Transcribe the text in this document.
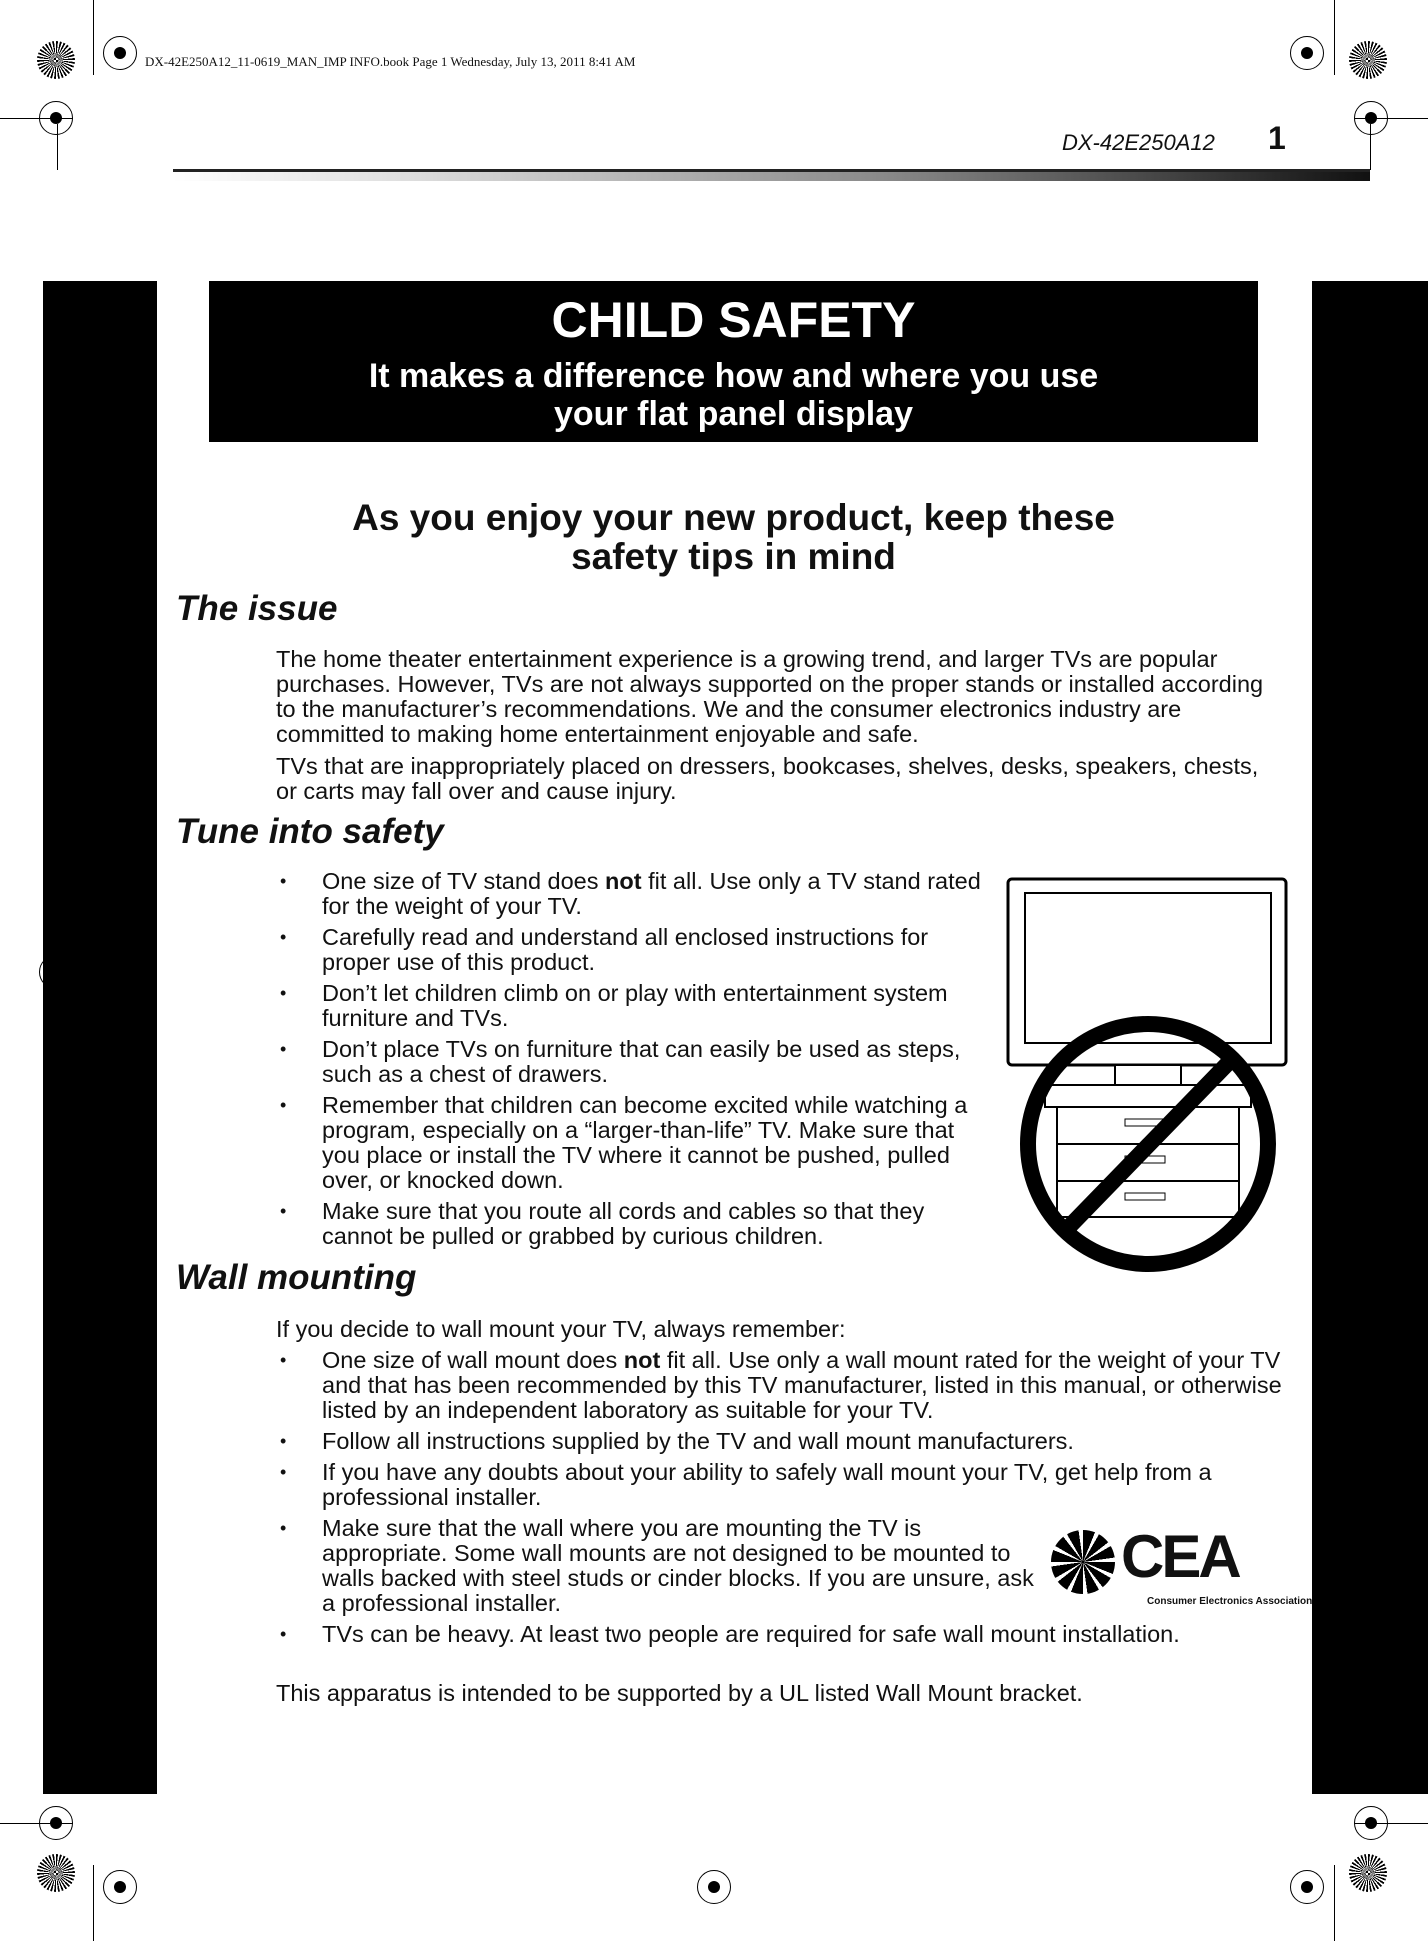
DX-42E250A12_11-0619_MAN_IMP INFO.book Page 1 Wednesday, July 13, 2011 8:41 AM
DX-42E250A12 1
CHILD SAFETY
It makes a difference how and where you use
your flat panel display
As you enjoy your new product, keep these
safety tips in mind
The issue
The home theater entertainment experience is a growing trend, and larger TVs are popular purchases. However, TVs are not always supported on the proper stands or installed according to the manufacturer’s recommendations. We and the consumer electronics industry are committed to making home entertainment enjoyable and safe.
TVs that are inappropriately placed on dressers, bookcases, shelves, desks, speakers, chests, or carts may fall over and cause injury.
Tune into safety
• One size of TV stand does not fit all. Use only a TV stand rated for the weight of your TV.
• Carefully read and understand all enclosed instructions for proper use of this product.
• Don’t let children climb on or play with entertainment system furniture and TVs.
• Don’t place TVs on furniture that can easily be used as steps, such as a chest of drawers.
• Remember that children can become excited while watching a program, especially on a “larger-than-life” TV. Make sure that you place or install the TV where it cannot be pushed, pulled over, or knocked down.
• Make sure that you route all cords and cables so that they cannot be pulled or grabbed by curious children.
Wall mounting
If you decide to wall mount your TV, always remember:
• One size of wall mount does not fit all. Use only a wall mount rated for the weight of your TV and that has been recommended by this TV manufacturer, listed in this manual, or otherwise listed by an independent laboratory as suitable for your TV.
• Follow all instructions supplied by the TV and wall mount manufacturers.
• If you have any doubts about your ability to safely wall mount your TV, get help from a professional installer.
• Make sure that the wall where you are mounting the TV is appropriate. Some wall mounts are not designed to be mounted to walls backed with steel studs or cinder blocks. If you are unsure, ask a professional installer.
• TVs can be heavy. At least two people are required for safe wall mount installation.
This apparatus is intended to be supported by a UL listed Wall Mount bracket.
CEA
Consumer Electronics Association
